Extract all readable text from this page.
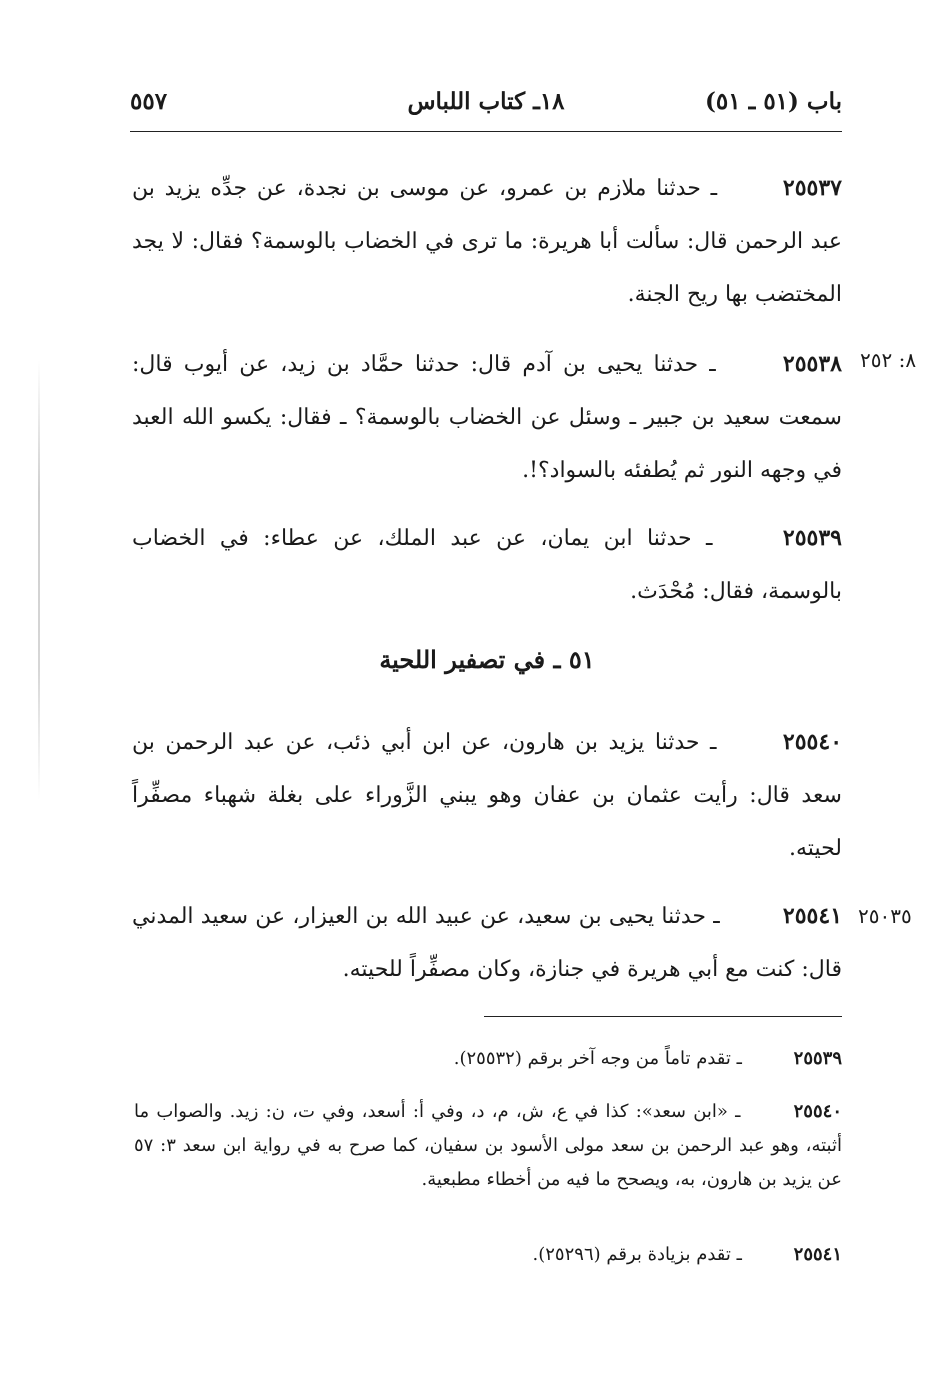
باب (٥١ ـ ٥١)
١٨ـ كتاب اللباس
٥٥٧
٢٥٥٣٧ ـ حدثنا ملازم بن عمرو، عن موسى بن نجدة، عن جدِّه يزيد بن عبد الرحمن قال: سألت أبا هريرة: ما ترى في الخضاب بالوسمة؟ فقال: لا يجد المختضب بها ريح الجنة.
٨: ٢٥٢
٢٥٥٣٨ ـ حدثنا يحيى بن آدم قال: حدثنا حمَّاد بن زيد، عن أيوب قال: سمعت سعيد بن جبير ـ وسئل عن الخضاب بالوسمة؟ ـ فقال: يكسو الله العبد في وجهه النور ثم يُطفئه بالسواد؟!.
٢٥٥٣٩ ـ حدثنا ابن يمان، عن عبد الملك، عن عطاء: في الخضاب بالوسمة، فقال: مُحْدَث.
٥١ ـ في تصفير اللحية
٢٥٥٤٠ ـ حدثنا يزيد بن هارون، عن ابن أبي ذئب، عن عبد الرحمن بن سعد قال: رأيت عثمان بن عفان وهو يبني الزَّوراء على بغلة شهباء مصفِّراً لحيته.
٢٥٠٣٥
٢٥٥٤١ ـ حدثنا يحيى بن سعيد، عن عبيد الله بن العيزار، عن سعيد المدني قال: كنت مع أبي هريرة في جنازة، وكان مصفِّراً للحيته.
٢٥٥٣٩ ـ تقدم تاماً من وجه آخر برقم (٢٥٥٣٢).
٢٥٥٤٠ ـ «ابن سعد»: كذا في ع، ش، م، د، وفي أ: أسعد، وفي ت، ن: زيد. والصواب ما أثبته، وهو عبد الرحمن بن سعد مولى الأسود بن سفيان، كما صرح به في رواية ابن سعد ٣: ٥٧ عن يزيد بن هارون، به، ويصحح ما فيه من أخطاء مطبعية.
٢٥٥٤١ ـ تقدم بزيادة برقم (٢٥٢٩٦).
